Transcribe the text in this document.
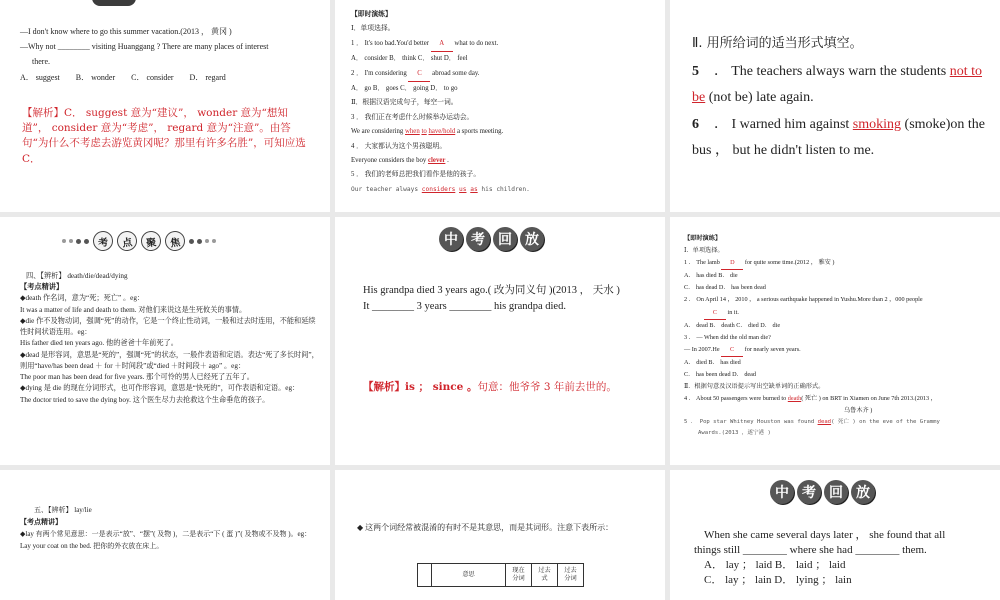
—I don't know where to go this summer vacation.(2013 ， 黄冈 )
—Why not ________ visiting Huanggang ? There are many places of interest
there.
A． suggest B． wonder C． consider D． regard
【解析】C． suggest 意为“建议”， wonder 意为“想知道”， consider 意为“考虑”， regard 意为“注意”。由答句“为什么不考虑去游览黄冈呢？那里有许多名胜”，可知应选 C．
【即时演练】
Ⅰ．单项选择。
1 ． It's too bad.You'd better A what to do next.
A． consider B． think C． shut D． feel
2 ． I'm considering C abroad some day.
A． go B． goes C． going D． to go
Ⅱ．根据汉语完成句子，每空一词。
3 ． 我们正在考虑什么时候举办运动会。
We are considering when to have/hold a sports meeting.
4 ． 大家都认为这个男孩聪明。
Everyone considers the boy clever .
5 ． 我们的老师总把我们看作是他的孩子。
Our teacher always considers us as his children.
Ⅱ. 用所给词的适当形式填空。
5 ． The teachers always warn the students not to be (not be) late again.
6 ． I warned him against smoking (smoke)on the bus ， but he didn't listen to me.
考	点	聚	焦
四、【辨析】 death/die/dead/dying
【考点精讲】
◆death 作名词，意为“死；死亡” 。eg：
It was a matter of life and death to them. 对他们来说这是生死攸关的事情。
◆die 作不及物动词，强调“死”的动作，它是一个终止性动词，一般和过去时连用，不能和延续性时间状语连用。eg：
His father died ten years ago. 他的爸爸十年前死了。
◆dead 是形容词，意思是“死的”，强调“死”的状态，一般作表语和定语。表达“死了多长时间”，则用“have/has been dead ＋ for ＋时间段”或“died ＋时间段＋ ago” 。eg：
The poor man has been dead for five years. 那个可怜的男人已经死了五年了。
◆dying 是 die 的现在分词形式，也可作形容词，意思是“快死的”，可作表语和定语。eg：
The doctor tried to save the dying boy. 这个医生尽力去抢救这个生命垂危的孩子。
中 考 回 放
His grandpa died 3 years ago.( 改为同义句 )(2013 ， 天水 )
It ________ 3 years ________ his grandpa died.
【解析】is ； since 。句意：他爷爷 3 年前去世的。
【即时演练】
Ⅰ．单项选择。
1 ． The lamb D for quite some time.(2012 ， 雅安 )
A． has died B． die
C． has dead D． has been dead
2 ． On April 14 ， 2010 ， a serious earthquake happened in Yushu.More than 2 ，000 people
C in it.
A． dead B． death C． died D． die
3 ． — When did the old man die?
— In 2007.He C for nearly seven years.
A． died B． has died
C． has been dead D． dead
Ⅱ．根据句意及汉语提示写出空缺单词的正确形式。
4 ． About 50 passengers were burned to death( 死亡 ) on BRT in Xiamen on June 7th 2013.(2013 ，
乌鲁木齐 )
5 ． Pop star Whitney Houston was found dead( 死亡 ) on the eve of the Grammy
Awards.(2013 ，遂宁港 )
五、【辨析】 lay/lie
【考点精讲】
◆lay 有两个常见意思：一是表示“放”、“摆”( 及物 )，二是表示“下 ( 蛋 )”( 及物或不及物 )。eg：
Lay your coat on the bed. 把你的外衣放在床上。
◆ 这两个词经常被混淆的有时不是其意思，而是其词形。注意下表所示：
	意思	现在分词	过去式	过去分词
中 考 回 放
When she came several days later ， she found that all
things still ________ where she had ________ them.
A． lay ； laid B． laid ； laid
C． lay ； lain D． lying ； lain
